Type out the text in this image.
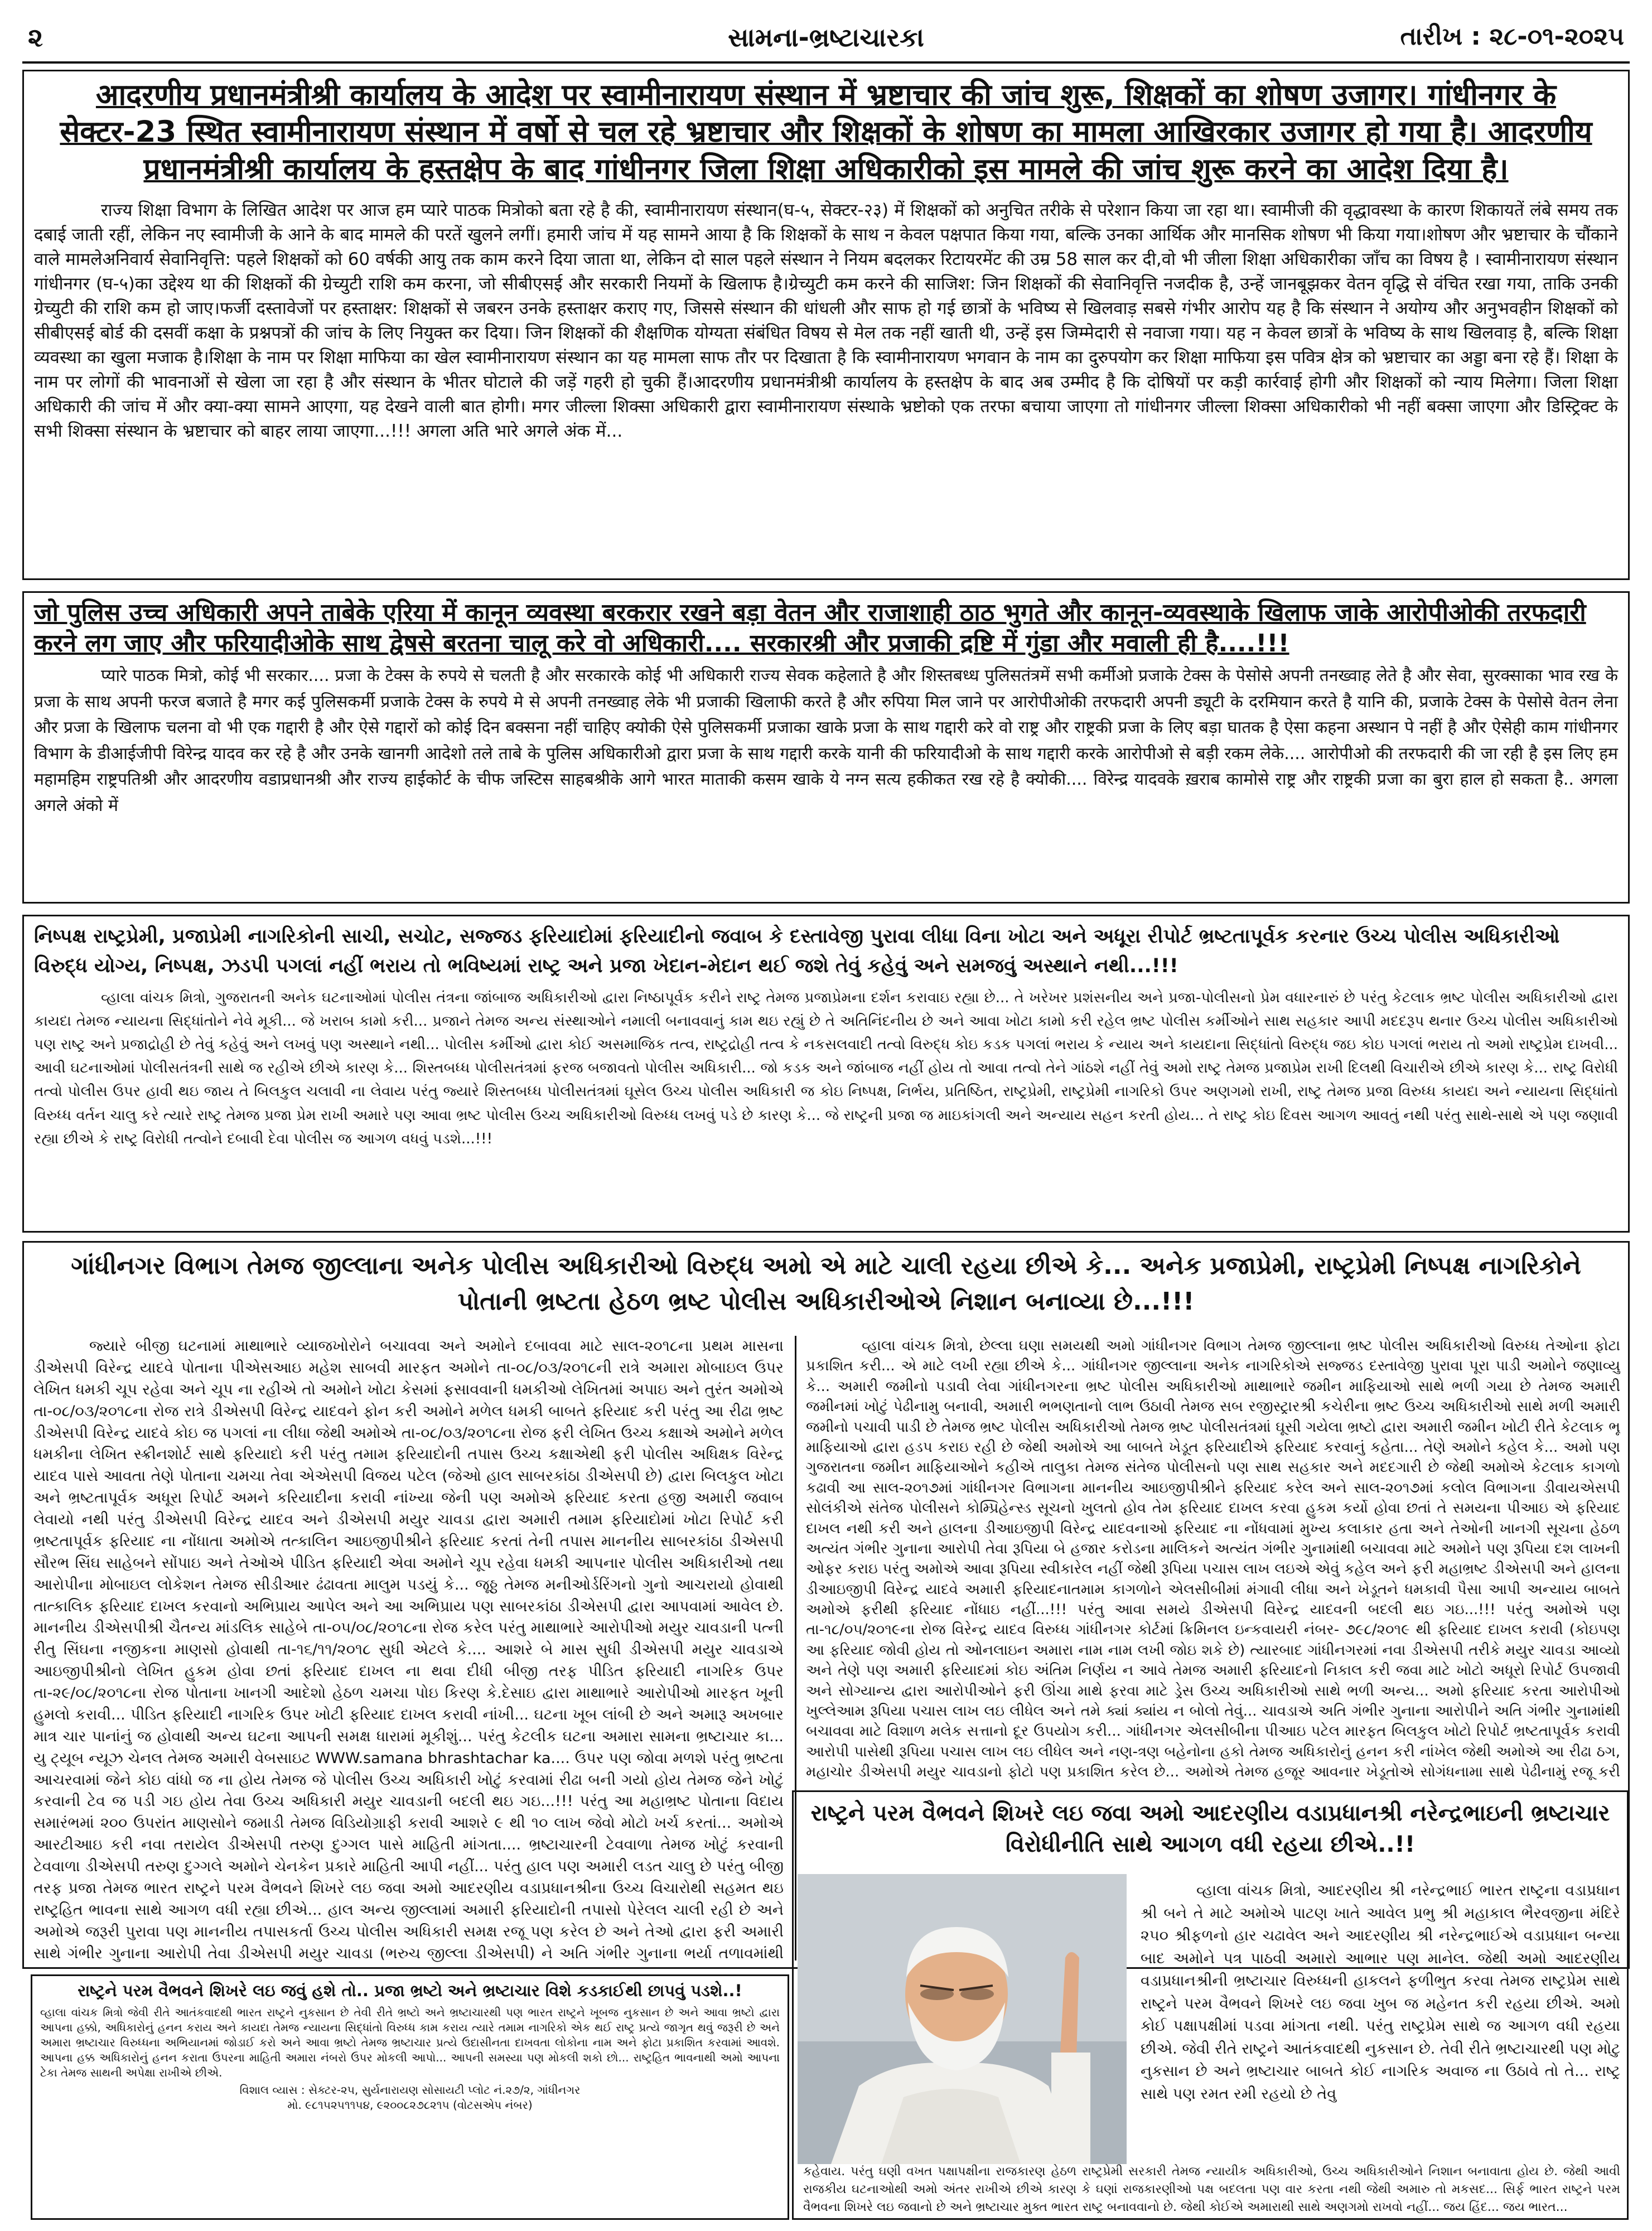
સામના-ભ્રષ્ટાચારકા
૨	તારીખ : ૨૮-૦૧-૨૦૨૫
आदरणीय प्रधानमंत्रीश्री कार्यालय के आदेश पर स्वामीनारायण संस्थान में भ्रष्टाचार की जांच शुरू, शिक्षकों का शोषण उजागर। गांधीनगर के सेक्टर-23 स्थित स्वामीनारायण संस्थान में वर्षो से चल रहे भ्रष्टाचार और शिक्षकों के शोषण का मामला आखिरकार उजागर हो गया है। आदरणीय प्रधानमंत्रीश्री कार्यालय के हस्तक्षेप के बाद गांधीनगर जिला शिक्षा अधिकारीको इस मामले की जांच शुरू करने का आदेश दिया है।

राज्य शिक्षा विभाग के लिखित आदेश पर आज हम प्यारे पाठक मित्रोको बता रहे है की, स्वामीनारायण संस्थान(घ-५, सेक्टर-२३) में शिक्षकों को अनुचित तरीके से परेशान किया जा रहा था। स्वामीजी की वृद्धावस्था के कारण शिकायतें लंबे समय तक दबाई जाती रहीं, लेकिन नए स्वामीजी के आने के बाद मामले की परतें खुलने लगीं। हमारी जांच में यह सामने आया है कि शिक्षकों के साथ न केवल पक्षपात किया गया, बल्कि उनका आर्थिक और मानसिक शोषण भी किया गया।शोषण और भ्रष्टाचार के चौंकाने वाले मामलेअनिवार्य सेवानिवृत्ति: पहले शिक्षकों को 60 वर्षकी आयु तक काम करने दिया जाता था, लेकिन दो साल पहले संस्थान ने नियम बदलकर रिटायरमेंट की उम्र 58 साल कर दी,वो भी जीला शिक्षा अधिकारीका जाँच का विषय है । स्वामीनारायण संस्थान गांधीनगर (घ-५)का उद्देश्य था की शिक्षकों की ग्रेच्युटी राशि कम करना, जो सीबीएसई और सरकारी नियमों के खिलाफ है।ग्रेच्युटी कम करने की साजिश: जिन शिक्षकों की सेवानिवृत्ति नजदीक है, उन्हें जानबूझकर वेतन वृद्धि से वंचित रखा गया, ताकि उनकी ग्रेच्युटी की राशि कम हो जाए।फर्जी दस्तावेजों पर हस्ताक्षर: शिक्षकों से जबरन उनके हस्ताक्षर कराए गए, जिससे संस्थान की धांधली और साफ हो गई छात्रों के भविष्य से खिलवाड़ सबसे गंभीर आरोप यह है कि संस्थान ने अयोग्य और अनुभवहीन शिक्षकों को सीबीएसई बोर्ड की दसवीं कक्षा के प्रश्नपत्रों की जांच के लिए नियुक्त कर दिया। जिन शिक्षकों की शैक्षणिक योग्यता संबंधित विषय से मेल तक नहीं खाती थी, उन्हें इस जिम्मेदारी से नवाजा गया। यह न केवल छात्रों के भविष्य के साथ खिलवाड़ है, बल्कि शिक्षा व्यवस्था का खुला मजाक है।शिक्षा के नाम पर शिक्षा माफिया का खेल स्वामीनारायण संस्थान का यह मामला साफ तौर पर दिखाता है कि स्वामीनारायण भगवान के नाम का दुरुपयोग कर शिक्षा माफिया इस पवित्र क्षेत्र को भ्रष्टाचार का अड्डा बना रहे हैं। शिक्षा के नाम पर लोगों की भावनाओं से खेला जा रहा है और संस्थान के भीतर घोटाले की जड़ें गहरी हो चुकी हैं।आदरणीय प्रधानमंत्रीश्री कार्यालय के हस्तक्षेप के बाद अब उम्मीद है कि दोषियों पर कड़ी कार्रवाई होगी और शिक्षकों को न्याय मिलेगा। जिला शिक्षा अधिकारी की जांच में और क्या-क्या सामने आएगा, यह देखने वाली बात होगी। मगर जील्ला शिक्सा अधिकारी द्वारा स्वामीनारायण संस्थाके भ्रष्टोको एक तरफा बचाया जाएगा तो गांधीनगर जील्ला शिक्सा अधिकारीको भी नहीं बक्सा जाएगा और डिस्ट्रिक्ट के सभी शिक्सा संस्थान के भ्रष्टाचार को बाहर लाया जाएगा...!!! अगला अति भारे अगले अंक में...

जो पुलिस उच्च अधिकारी अपने ताबेके एरिया में कानून व्यवस्था बरकरार रखने बड़ा वेतन और राजाशाही ठाठ भुगते और कानून-व्यवस्थाके खिलाफ जाके आरोपीओकी तरफदारी करने लग जाए और फरियादीओके साथ द्वेषसे बरतना चालू करे वो अधिकारी.... सरकारश्री और प्रजाकी द्रष्टि में गुंडा और मवाली ही है....!!!

प्यारे पाठक मित्रो, कोई भी सरकार.... प्रजा के टेक्स के रुपये से चलती है और सरकारके कोई भी अधिकारी राज्य सेवक कहेलाते है और शिस्तबध्ध पुलिसतंत्रमें सभी कर्मीओ प्रजाके टेक्स के पेसोसे अपनी तनख्वाह लेते है और सेवा, सुरक्साका भाव रख के प्रजा के साथ अपनी फरज बजाते है मगर कई पुलिसकर्मी प्रजाके टेक्स के रुपये मे से अपनी तनख्वाह लेके भी प्रजाकी खिलाफी करते है और रुपिया मिल जाने पर आरोपीओकी तरफदारी अपनी ड्यूटी के दरमियान करते है यानि की, प्रजाके टेक्स के पेसोसे वेतन लेना और प्रजा के खिलाफ चलना वो भी एक गद्दारी है और ऐसे गद्दारों को कोई दिन बक्सना नहीं चाहिए क्योकी ऐसे पुलिसकर्मी प्रजाका खाके प्रजा के साथ गद्दारी करे वो राष्ट्र और राष्ट्रकी प्रजा के लिए बड़ा घातक है ऐसा कहना अस्थान पे नहीं है और ऐसेही काम गांधीनगर विभाग के डीआईजीपी विरेन्द्र यादव कर रहे है और उनके खानगी आदेशो तले ताबे के पुलिस अधिकारीओ द्वारा प्रजा के साथ गद्दारी करके यानी की फरियादीओ के साथ गद्दारी करके आरोपीओ से बड़ी रकम लेके.... आरोपीओ की तरफदारी की जा रही है इस लिए हम महामहिम राष्ट्रपतिश्री और आदरणीय वडाप्रधानश्री और राज्य हाईकोर्ट के चीफ जस्टिस साहबश्रीके आगे भारत माताकी कसम खाके ये नग्न सत्य हकीकत रख रहे है क्योकी.... विरेन्द्र यादवके ख़राब कामोसे राष्ट्र और राष्ट्रकी प्रजा का बुरा हाल हो सकता है.. अगला अगले अंको में

નિષ્પક્ષ રાષ્ટ્રપ્રેમી, પ્રજાપ્રેમી નાગરિકોની સાચી, સચોટ, સજ્જડ ફરિયાદોમાં ફરિયાદીનો જવાબ કે દસ્તાવેજી પુરાવા લીધા વિના ખોટા અને અધૂરા રીપોર્ટ ભ્રષ્ટતાપૂર્વક કરનાર ઉચ્ચ પોલીસ અધિકારીઓ વિરુદ્ધ યોગ્ય, નિષ્પક્ષ, ઝડપી પગલાં નહીં ભરાય તો ભવિષ્યમાં રાષ્ટ્ર અને પ્રજા ખેદાન-મેદાન થઈ જશે તેવું કહેવું અને સમજવું અસ્થાને નથી...!!!

વ્હાલા વાંચક મિત્રો, ગુજરાતની અનેક ઘટનાઓમાં પોલીસ તંત્રના જાંબાજ અધિકારીઓ દ્વારા નિષ્ઠાપૂર્વક કરીને રાષ્ટ્ર તેમજ પ્રજાપ્રેમના દર્શન કરાવાઇ રહ્યા છે... તે ખરેખર પ્રશંસનીય અને પ્રજા-પોલીસનો પ્રેમ વધારનારું છે પરંતુ કેટલાક ભ્રષ્ટ પોલીસ અધિકારીઓ દ્વારા કાયદા તેમજ ન્યાયના સિદ્ધાંતોને નેવે મૂકી... જે ખરાબ કામો કરી... પ્રજાને તેમજ અન્ય સંસ્થાઓને નમાલી બનાવવાનું કામ થઇ રહ્યું છે તે અતિનિંદનીય છે અને આવા ખોટા કામો કરી રહેલ ભ્રષ્ટ પોલીસ કર્મીઓને સાથ સહકાર આપી મદદરૂપ થનાર ઉચ્ચ પોલીસ અધિકારીઓ પણ રાષ્ટ્ર અને પ્રજાદ્રોહી છે તેવું કહેવું અને લખવું પણ અસ્થાને નથી... પોલીસ કર્મીઓ દ્વારા કોઈ અસમાજિક તત્વ, રાષ્ટ્રદ્રોહી તત્વ કે નકસલવાદી તત્વો વિરુદ્ધ કોઇ કડક પગલાં ભરાય કે ન્યાય અને કાયદાના સિદ્ધાંતો વિરુદ્ધ જઇ કોઇ પગલાં ભરાય તો અમો રાષ્ટ્રપ્રેમ દાખવી... આવી ઘટનાઓમાં પોલીસતંત્રની સાથે જ રહીએ છીએ કારણ કે... શિસ્તબધ્ધ પોલીસતંત્રમાં ફરજ બજાવતો પોલીસ અધિકારી... જો કડક અને જાંબાજ નહીં હોય તો આવા તત્વો તેને ગાંઠશે નહીં તેવું અમો રાષ્ટ્ર તેમજ પ્રજાપ્રેમ રાખી દિલથી વિચારીએ છીએ કારણ કે... રાષ્ટ્ર વિરોધી તત્વો પોલીસ ઉપર હાવી થઇ જાય તે બિલકુલ ચલાવી ના લેવાય પરંતુ જ્યારે શિસ્તબધ્ધ પોલીસતંત્રમાં ઘૂસેલ ઉચ્ચ પોલીસ અધિકારી જ કોઇ નિષ્પક્ષ, નિર્ભય, પ્રતિષ્ઠિત, રાષ્ટ્રપ્રેમી, રાષ્ટ્રપ્રેમી નાગરિકો ઉપર અણગમો રાખી, રાષ્ટ્ર તેમજ પ્રજા વિરુધ્ધ કાયદા અને ન્યાયના સિદ્ધાંતો વિરુધ્ધ વર્તન ચાલુ કરે ત્યારે રાષ્ટ્ર તેમજ પ્રજા પ્રેમ રાખી અમારે પણ આવા ભ્રષ્ટ પોલીસ ઉચ્ચ અધિકારીઓ વિરુધ્ધ લખવું પડે છે કારણ કે... જે રાષ્ટ્રની પ્રજા જ માઇકાંગલી અને અન્યાય સહન કરતી હોય... તે રાષ્ટ્ર કોઇ દિવસ આગળ આવતું નથી પરંતુ સાથે-સાથે એ પણ જણાવી રહ્યા છીએ કે રાષ્ટ્ર વિરોધી તત્વોને દબાવી દેવા પોલીસ જ આગળ વધવું પડશે...!!!

ગાંધીનગર વિભાગ તેમજ જીલ્લાના અનેક પોલીસ અધિકારીઓ વિરુદ્ધ અમો એ માટે ચાલી રહયા છીએ કે... અનેક પ્રજાપ્રેમી, રાષ્ટ્રપ્રેમી નિષ્પક્ષ નાગરિકોને પોતાની ભ્રષ્ટતા હેઠળ ભ્રષ્ટ પોલીસ અધિકારીઓએ નિશાન બનાવ્યા છે...!!!

જ્યારે બીજી ઘટનામાં માથાભારે વ્યાજખોરોને બચાવવા અને અમોને દબાવવા માટે સાલ-૨૦૧૮ના પ્રથમ માસના ડીએસપી વિરેન્દ્ર યાદવે પોતાના પીએસઆઇ મહેશ સાબવી મારફત અમોને તા-૦૮/૦૩/૨૦૧૮ની રાત્રે અમારા મોબાઇલ ઉપર લેખિત ધમકી ચૂપ રહેવા અને ચૂપ ના રહીએ તો અમોને ખોટા કેસમાં ફસાવવાની ધમકીઓ લેખિતમાં અપાઇ અને તુરંત અમોએ તા-૦૮/૦૩/૨૦૧૮ના રોજ રાત્રે ડીએસપી વિરેન્દ્ર યાદવને ફોન કરી અમોને મળેલ ધમકી બાબતે ફરિયાદ કરી પરંતુ આ રીઢા ભ્રષ્ટ ડીએસપી વિરેન્દ્ર યાદવે કોઇ જ પગલાં ના લીધા જેથી અમોએ તા-૦૮/૦૩/૨૦૧૮ના રોજ ફરી લેખિત ઉચ્ચ કક્ષાએ અમોને મળેલ ધમકીના લેખિત સ્ક્રીનશોર્ટ સાથે ફરિયાદો કરી પરંતુ તમામ ફરિયાદોની તપાસ ઉચ્ચ કક્ષાએથી ફરી પોલીસ અધિક્ષક વિરેન્દ્ર યાદવ પાસે આવતા તેણે પોતાના ચમચા તેવા એએસપી વિજય પટેલ (જેઓ હાલ સાબરકાંઠા ડીએસપી છે) દ્વારા બિલકુલ ખોટા અને ભ્રષ્ટતાપૂર્વક અધૂરા રિપોર્ટ અમને કરિયાદીના કરાવી નાંખ્યા જેની પણ અમોએ ફરિયાદ કરતા હજી અમારી જવાબ લેવાયો નથી પરંતુ ડીએસપી વિરેન્દ્ર યાદવ અને ડીએસપી મયુર ચાવડા દ્વારા અમારી તમામ ફરિયાદોમાં ખોટા રિપોર્ટ કરી ભ્રષ્ટતાપૂર્વક ફરિયાદ ના નોંધાતા અમોએ તત્કાલિન આઇજીપીશ્રીને ફરિયાદ કરતાં તેની તપાસ માનનીય સાબરકાંઠા ડીએસપી સૌરભ સિંઘ સાહેબને સોંપાઇ અને તેઓએ પીડિત ફરિયાદી એવા અમોને ચૂપ રહેવા ધમકી આપનાર પોલીસ અધિકારીઓ તથા આરોપીના મોબાઇલ લોકેશન તેમજ સીડીઆર ઢંઢાવતા માલુમ પડયું કે... જૂઠ્ઠ તેમજ મનીઓર્ડરિંગનો ગુનો આચરાયો હોવાથી તાત્કાલિક ફરિયાદ દાખલ કરવાનો અભિપ્રાય આપેલ અને આ અભિપ્રાય પણ સાબરકાંઠા ડીએસપી દ્વારા આપવામાં આવેલ છે. માનનીય ડીએસપીશ્રી ચૈતન્ય માંડલિક સાહેબે તા-૦૫/૦૮/૨૦૧૮ના રોજ કરેલ પરંતુ માથાભારે આરોપીઓ મયુર ચાવડાની પત્ની રીતુ સિંઘના નજીકના માણસો હોવાથી તા-૧૬/૧૧/૨૦૧૮ સુધી એટલે કે.... આશરે બે માસ સુધી ડીએસપી મયુર ચાવડાએ આઇજીપીશ્રીનો લેખિત હુકમ હોવા છતાં ફરિયાદ દાખલ ના થવા દીધી બીજી તરફ પીડિત ફરિયાદી નાગરિક ઉપર તા-૨૯/૦૮/૨૦૧૮ના રોજ પોતાના ખાનગી આદેશો હેઠળ ચમચા પોઇ કિરણ કે.દેસાઇ દ્વારા માથાભારે આરોપીઓ મારફત ખૂની હુમલો કરાવી... પીડિત ફરિયાદી નાગરિક ઉપર ખોટી ફરિયાદ દાખલ કરાવી નાંખી... ઘટના ખૂબ લાંબી છે અને અમારૂ અખબાર માત્ર ચાર પાનાંનું જ હોવાથી અન્ય ઘટના આપની સમક્ષ ધારામાં મૂકીશું... પરંતુ કેટલીક ઘટના અમારા સામના ભ્રષ્ટાચાર કા... યુ ટ્યૂબ ન્યૂઝ ચેનલ તેમજ અમારી વેબસાઇટ WWW.samana bhrashtachar ka.... ઉપર પણ જોવા મળશે પરંતુ ભ્રષ્ટતા આચરવામાં જેને કોઇ વાંધો જ ના હોય તેમજ જે પોલીસ ઉચ્ચ અધિકારી ખોટું કરવામાં રીઢા બની ગયો હોય તેમજ જેને ખોટું કરવાની ટેવ જ પડી ગઇ હોય તેવા ઉચ્ચ અધિકારી મયુર ચાવડાની બદલી થઇ ગઇ...!!! પરંતુ આ મહાભ્રષ્ટ પોતાના વિદાય સમારંભમાં ૨૦૦ ઉપરાંત માણસોને જમાડી તેમજ વિડિયોગ્રાફી કરાવી આશરે ૯ થી ૧૦ લાખ જેવો મોટો ખર્ચ કરતાં... અમોએ આરટીઆઇ કરી નવા તરાયેલ ડીએસપી તરુણ દુગ્ગલ પાસે માહિતી માંગતા.... ભ્રષ્ટાચારની ટેવવાળા તેમજ ખોટું કરવાની ટેવવાળા ડીએસપી તરુણ દુગ્ગલે અમોને ચેનકેન પ્રકારે માહિતી આપી નહીં... પરંતુ હાલ પણ અમારી લડત ચાલુ છે પરંતુ બીજી તરફ પ્રજા તેમજ ભારત રાષ્ટ્રને પરમ વૈભવને શિખરે લઇ જવા અમો આદરણીય વડાપ્રધાનશ્રીના ઉચ્ચ વિચારોથી સહમત થઇ રાષ્ટ્રહિત ભાવના સાથે આગળ વધી રહ્યા છીએ... હાલ અન્ય જીલ્લામાં અમારી ફરિયાદોની તપાસો પેરેલલ ચાલી રહી છે અને અમોએ જરૂરી પુરાવા પણ માનનીય તપાસકર્તા ઉચ્ચ પોલીસ અધિકારી સમક્ષ રજૂ પણ કરેલ છે અને તેઓ દ્વારા ફરી અમારી સાથે ગંભીર ગુનાના આરોપી તેવા ડીએસપી મયુર ચાવડા (ભરુચ જીલ્લા ડીએસપી) ને અતિ ગંભીર ગુનાના ભર્યા તળાવમાંથી

વ્હાલા વાંચક મિત્રો, છેલ્લા ઘણા સમયથી અમો ગાંધીનગર વિભાગ તેમજ જીલ્લાના ભ્રષ્ટ પોલીસ અધિકારીઓ વિરુધ્ધ તેઓના ફોટા પ્રકાશિત કરી... એ માટે લખી રહ્યા છીએ કે... ગાંધીનગર જીલ્લાના અનેક નાગરિકોએ સજ્જડ દસ્તાવેજી પુરાવા પૂરા પાડી અમોને જણાવ્યુ કે... અમારી જમીનો પડાવી લેવા ગાંધીનગરના ભ્રષ્ટ પોલીસ અધિકારીઓ માથાભારે જમીન માફિયાઓ સાથે ભળી ગયા છે તેમજ અમારી જમીનમાં ખોટું પેઢીનામુ બનાવી, અમારી ભભણતાનો લાભ ઉઠાવી તેમજ સબ રજીસ્ટ્રારશ્રી કચેરીના ભ્રષ્ટ ઉચ્ચ અધિકારીઓ સાથે મળી અમારી જમીનો પચાવી પાડી છે તેમજ ભ્રષ્ટ પોલીસ અધિકારીઓ તેમજ ભ્રષ્ટ પોલીસતંત્રમાં ઘૂસી ગયેલા ભ્રષ્ટો દ્વારા અમારી જમીન ખોટી રીતે કેટલાક ભૂ માફિયાઓ દ્વારા હડપ કરાઇ રહી છે જેથી અમોએ આ બાબતે ખેડૂત ફરિયાદીએ ફરિયાદ કરવાનું કહેતા... તેણે અમોને કહેલ કે... અમો પણ ગુજરાતના જમીન માફિયાઓને કહીએ તાલુકા તેમજ સંતેજ પોલીસનો પણ સાથ સહકાર અને મદદગારી છે જેથી અમોએ કેટલાક કાગળો કઢાવી આ સાલ-૨૦૧૭માં ગાંધીનગર વિભાગના માનનીય આઇજીપીશ્રીને ફરિયાદ કરેલ અને સાલ-૨૦૧૭માં કલોલ વિભાગના ડીવાયએસપી સોલંકીએ સંતેજ પોલીસને કોમ્પ્રિહેન્સ્ડ સૂચનો ખુલતો હોવ તેમ ફરિયાદ દાખલ કરવા હુકમ કર્યો હોવા છતાં તે સમયના પીઆઇ એ ફરિયાદ દાખલ નથી કરી અને હાલના ડીઆઇજીપી વિરેન્દ્ર યાદવનાઓ ફરિયાદ ના નોંધવામાં મુખ્ય કલાકાર હતા અને તેઓની ખાનગી સૂચના હેઠળ અત્યંત ગંભીર ગુનાના આરોપી તેવા રૂપિયા બે હજાર કરોડના માલિકને અત્યંત ગંભીર ગુનામાંથી બચાવવા માટે અમોને પણ રૂપિયા દશ લાખની ઓફર કરાઇ પરંતુ અમોએ આવા રૂપિયા સ્વીકારેલ નહીં જેથી રૂપિયા પચાસ લાખ લઇએ એવું કહેલ અને ફરી મહાભ્રષ્ટ ડીએસપી અને હાલના ડીઆઇજીપી વિરેન્દ્ર યાદવે અમારી ફરિયાદનાતમામ કાગળોને એલસીબીમાં મંગાવી લીધા અને ખેડૂતને ધમકાવી પૈસા આપી અન્યાય બાબતે અમોએ ફરીથી ફરિયાદ નોંધાઇ નહીં...!!! પરંતુ આવા સમયે ડીએસપી વિરેન્દ્ર યાદવની બદલી થઇ ગઇ...!!! પરંતુ અમોએ પણ તા-૧૮/૦૫/૨૦૧૯ના રોજ વિરેન્દ્ર યાદવ વિરુધ્ધ ગાંધીનગર કોર્ટમાં ક્રિમિનલ ઇન્કવાયરી નંબર- ૭૯૮/૨૦૧૯ થી ફરિયાદ દાખલ કરાવી (કોઇપણ આ ફરિયાદ જોવી હોય તો ઓનલાઇન અમારા નામ નામ લખી જોઇ શકે છે) ત્યારબાદ ગાંધીનગરમાં નવા ડીએસપી તરીકે મયુર ચાવડા આવ્યો અને તેણે પણ અમારી ફરિયાદમાં કોઇ અંતિમ નિર્ણય ન આવે તેમજ અમારી ફરિયાદનો નિકાલ કરી જવા માટે ખોટો અધૂરો રિપોર્ટ ઉપજાવી અને સોગ્યાન્ય દ્વારા આરોપીઓને ફરી ઊંચા માથે ફરવા માટે ડ્રેસ ઉચ્ચ અધિકારીઓ સાથે ભળી અન્ય... અમો ફરિયાદ કરતા આરોપીઓ ખુલ્લેઆમ રૂપિયા પચાસ લાખ લઇ લીધેલ અને તમે ક્યાં ક્યાંય ન બોલો તેવું... ચાવડાએ અતિ ગંભીર ગુનાના આરોપીને અતિ ગંભીર ગુનામાંથી બચાવવા માટે વિશાળ મલેક સત્તાનો દૂર ઉપયોગ કરી... ગાંધીનગર એલસીબીના પીઆઇ પટેલ મારફત બિલકુલ ખોટો રિપોર્ટ ભ્રષ્ટતાપૂર્વક કરાવી આરોપી પાસેથી રૂપિયા પચાસ લાખ લઇ લીધેલ અને નણ-ત્રણ બહેનોના હકો તેમજ અધિકારોનું હનન કરી નાંખેલ જેથી અમોએ આ રીઢા ઠગ, મહાચોર ડીએસપી મયુર ચાવડાનો ફોટો પણ પ્રકાશિત કરેલ છે... અમોએ તેમજ હજૂર આવનાર ખેડૂતોએ સોગંધનામા સાથે પેઢીનામું રજૂ કરી

રાષ્ટ્રને પરમ વૈભવને શિખરે લઇ જવું હશે તો.. પ્રજા ભ્રષ્ટો અને ભ્રષ્ટાચાર વિશે કડકાઈથી છાપવું પડશે..!
વ્હાલા વાંચક મિત્રો જેવી રીતે આતંકવાદથી ભારત રાષ્ટ્રને નુકસાન છે તેવી રીતે ભ્રષ્ટો અને ભ્રષ્ટાચારથી પણ ભારત રાષ્ટ્રને ખૂબજ નુકસાન છે અને આવા ભ્રષ્ટો દ્વારા આપના હક્કો, અધિકારોનું હનન કરાય અને કાયદા તેમજ ન્યાયના સિદ્ધાંતો વિરુધ્ધ કામ કરાય ત્યારે તમામ નાગરિકો એક થઈ રાષ્ટ્ર પ્રત્યે જાગૃત થવું જરૂરી છે અને અમારા ભ્રષ્ટાચાર વિરુધ્ધના અભિયાનમાં જોડાઈ કરો અને આવા ભ્રષ્ટો તેમજ ભ્રષ્ટાચાર પ્રત્યે ઉદાસીનતા દાખવતા લોકોના નામ અને ફોટા પ્રકાશિત કરવામાં આવશે. આપના હક્ક અધિકારોનું હનન કરાતા ઉપરના માહિતી અમારા નંબરો ઉપર મોકલી આપો... આપની સમસ્યા પણ મોકલી શકો છો... રાષ્ટ્રહિત ભાવનાથી અમો આપના ટેકા તેમજ સાથની અપેક્ષા રાખીએ છીએ.
વિશાલ વ્યાસ : સેક્ટર-૨૫, સુર્યનારાયણ સોસાયટી પ્લોટ નં.૨૭/૨, ગાંધીનગર
મો. ૯૮૧૫૨૫૧૧૫૪, ૯૨૦૦૮૨૭૮૨૧૫ (વોટસએપ નંબર)
રાષ્ટ્રને પરમ વૈભવને શિખરે લઇ જવા અમો આદરણીય વડાપ્રધાનશ્રી નરેન્દ્રભાઇની ભ્રષ્ટાચાર વિરોધીનીતિ સાથે આગળ વધી રહયા છીએ..!!

વ્હાલા વાંચક મિત્રો, આદરણીય શ્રી નરેન્દ્રભાઈ ભારત રાષ્ટ્રના વડાપ્રધાન શ્રી બને તે માટે અમોએ પાટણ ખાતે આવેલ પ્રભુ શ્રી મહાકાલ ભૈરવજીના મંદિરે ૨૫૦ શ્રીફળનો હાર ચઢાવેલ અને આદરણીય શ્રી નરેન્દ્રભાઈએ વડાપ્રધાન બન્યા બાદ અમોને પત્ર પાઠવી અમારો આભાર પણ માનેલ. જેથી અમો આદરણીય વડાપ્રધાનશ્રીની ભ્રષ્ટાચાર વિરુધ્ધની હાકલને ફળીભુત કરવા તેમજ રાષ્ટ્રપ્રેમ સાથે રાષ્ટ્રને પરમ વૈભવને શિખરે લઇ જવા ખુબ જ મહેનત કરી રહયા છીએ. અમો કોઈ પક્ષાપક્ષીમાં પડવા માંગતા નથી. પરંતુ રાષ્ટ્રપ્રેમ સાથે જ આગળ વધી રહયા છીએ. જેવી રીતે રાષ્ટ્રને આતંકવાદથી નુકસાન છે. તેવી રીતે ભ્રષ્ટાચારથી પણ મોટુ નુકસાન છે અને ભ્રષ્ટાચાર બાબતે કોઈ નાગરિક અવાજ ના ઉઠાવે તો તે... રાષ્ટ્ર સાથે પણ રમત રમી રહયો છે તેવુ

કહેવાય. પરંતુ ઘણી વખત પક્ષાપક્ષીના રાજકારણ હેઠળ રાષ્ટ્રપ્રેમી સરકારી તેમજ ન્યાયીક અધિકારીઓ, ઉચ્ચ અધિકારીઓને નિશાન બનાવાતા હોય છે. જેથી આવી રાજકીય ઘટનાઓથી અમો અંતર રાખીએ છીએ કારણ કે ઘણાં રાજકારણીઓ પક્ષ બદલતા પણ વાર કરતા નથી જેથી અમારુ તો મકસદ... સિર્ફ ભારત રાષ્ટ્રને પરમ વૈભવના શિખરે લઇ જવાનો છે અને ભ્રષ્ટાચાર મુક્ત ભારત રાષ્ટ્ર બનાવવાનો છે. જેથી કોઈએ અમારાથી સાથે અણગમો રાખવો નહીં... જય હિંદ... જય ભારત...
